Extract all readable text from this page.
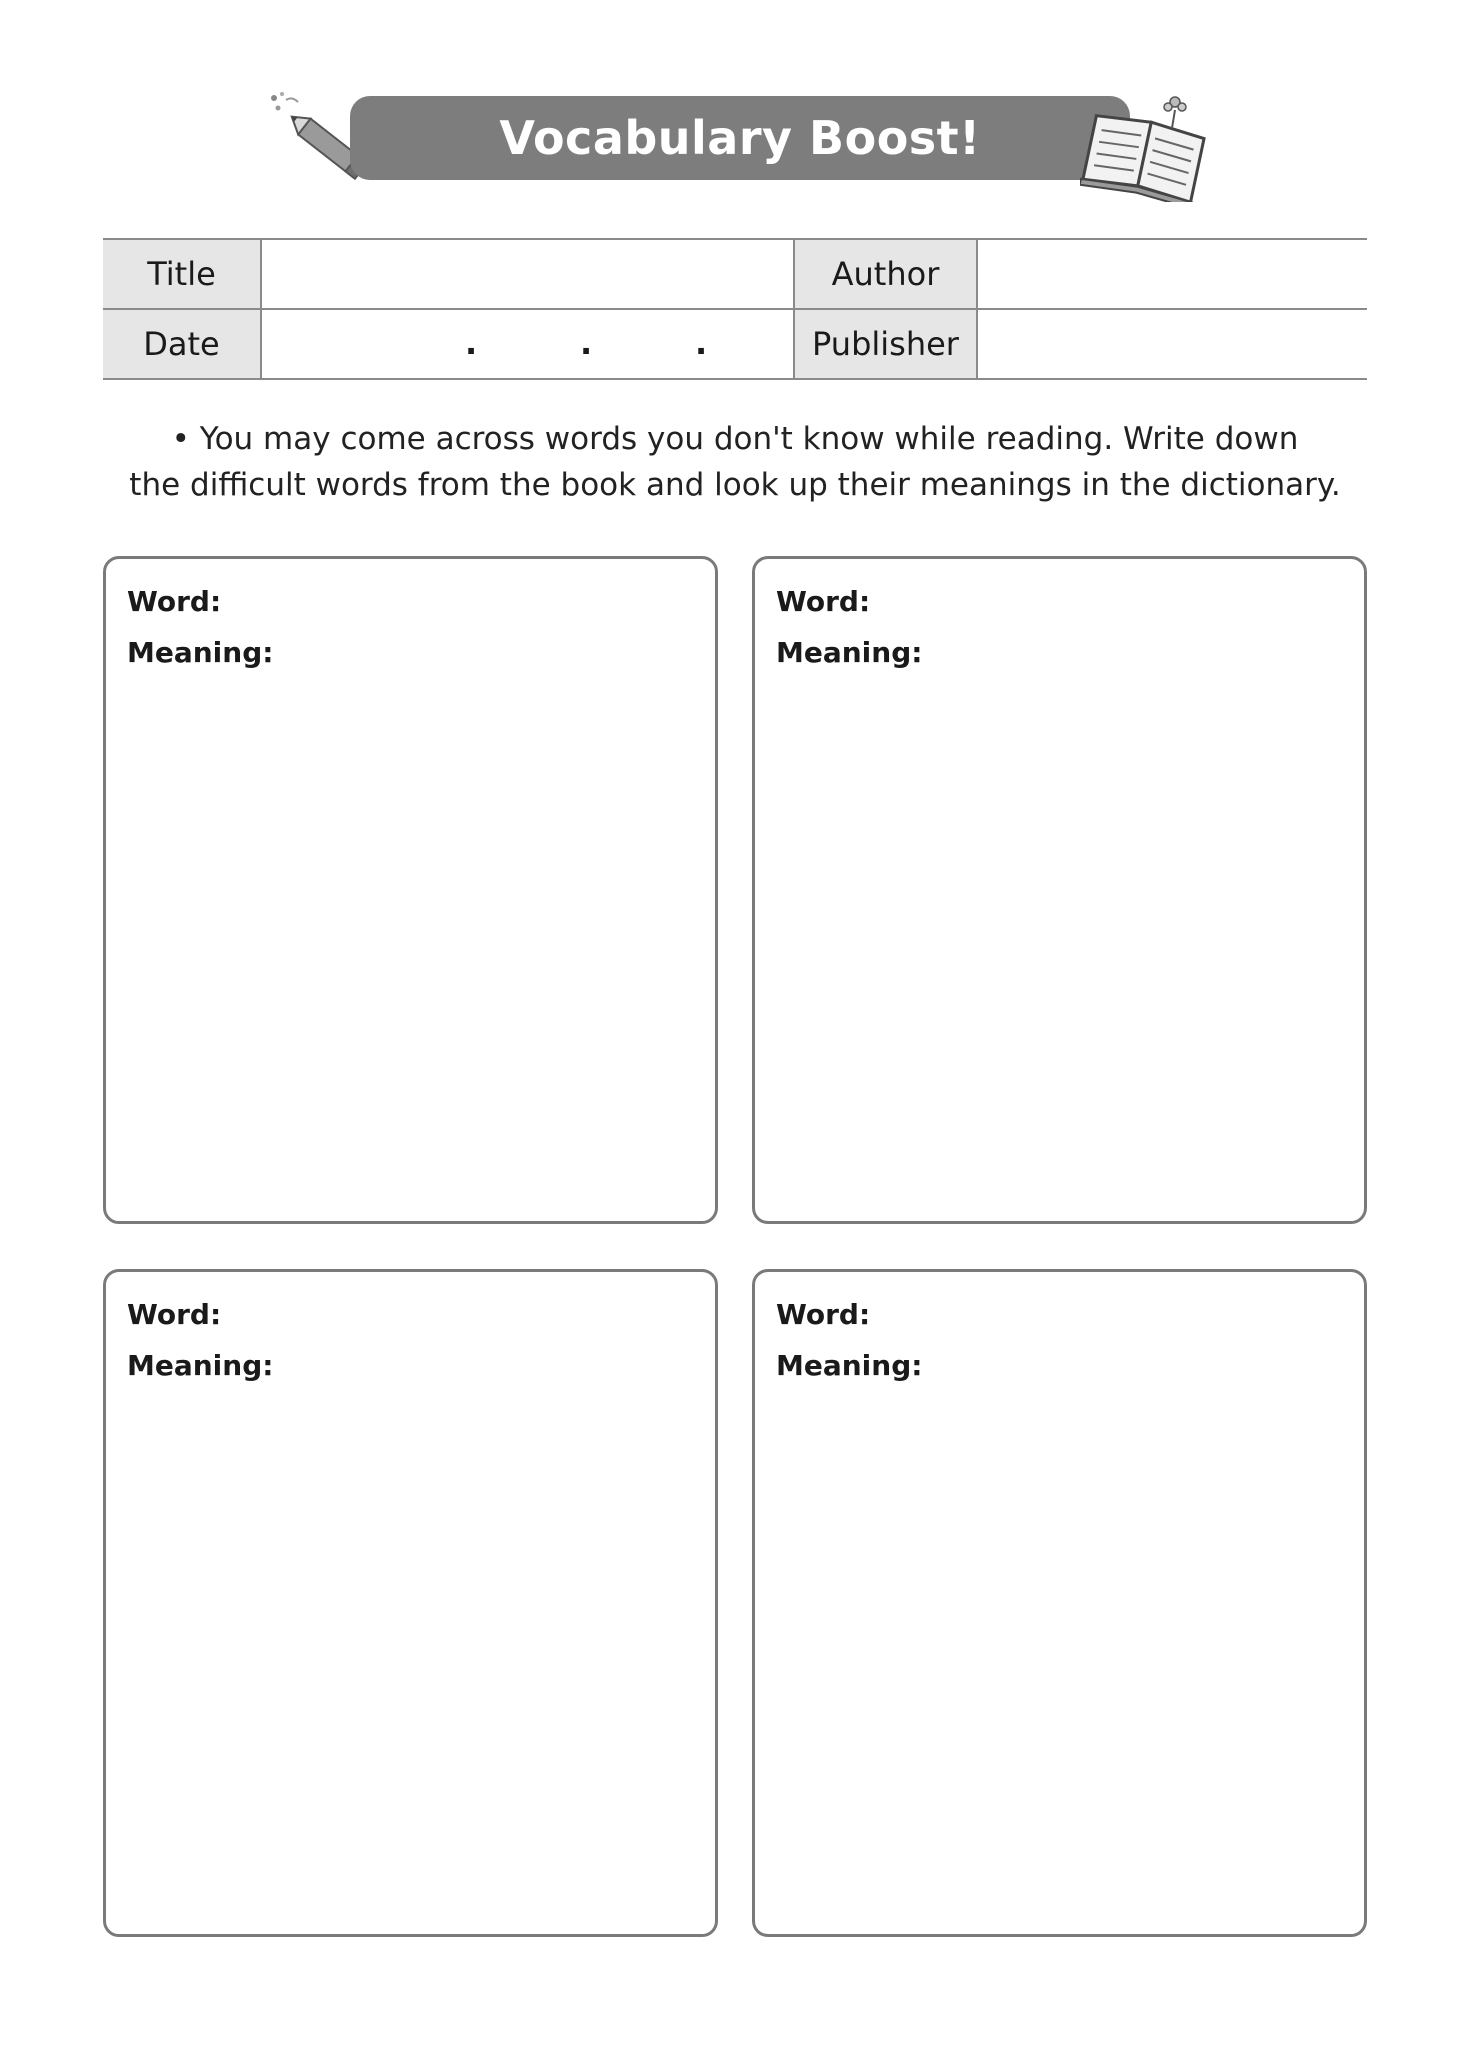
Vocabulary Boost!
Title		Author	
Date	. . .	Publisher	
• You may come across words you don't know while reading. Write down
the difficult words from the book and look up their meanings in the dictionary.
Word:
Meaning:
Word:
Meaning:
Word:
Meaning:
Word:
Meaning:
